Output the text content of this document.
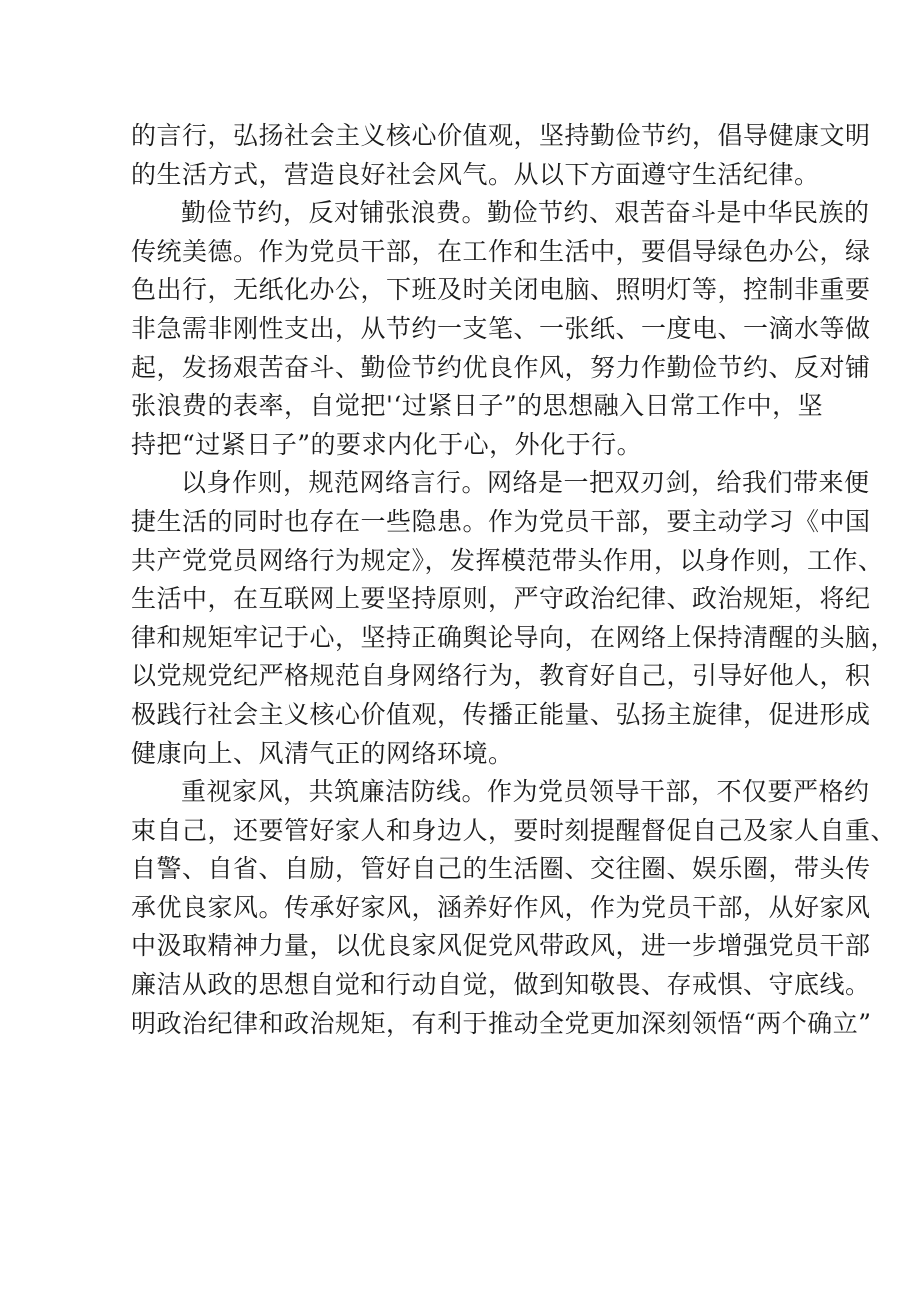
的言行，弘扬社会主义核心价值观，坚持勤俭节约，倡导健康文明
的生活方式，营造良好社会风气。从以下方面遵守生活纪律。
勤俭节约，反对铺张浪费。勤俭节约、艰苦奋斗是中华民族的
传统美德。作为党员干部，在工作和生活中，要倡导绿色办公，绿
色出行，无纸化办公，下班及时关闭电脑、照明灯等，控制非重要
非急需非刚性支出，从节约一支笔、一张纸、一度电、一滴水等做
起，发扬艰苦奋斗、勤俭节约优良作风，努力作勤俭节约、反对铺
张浪费的表率，自觉把'‘过紧日子”的思想融入日常工作中，坚
持把“过紧日子”的要求内化于心，外化于行。
以身作则，规范网络言行。网络是一把双刃剑，给我们带来便
捷生活的同时也存在一些隐患。作为党员干部，要主动学习《中国
共产党党员网络行为规定》，发挥模范带头作用，以身作则，工作、
生活中，在互联网上要坚持原则，严守政治纪律、政治规矩，将纪
律和规矩牢记于心，坚持正确舆论导向，在网络上保持清醒的头脑，
以党规党纪严格规范自身网络行为，教育好自己，引导好他人，积
极践行社会主义核心价值观，传播正能量、弘扬主旋律，促进形成
健康向上、风清气正的网络环境。
重视家风，共筑廉洁防线。作为党员领导干部，不仅要严格约
束自己，还要管好家人和身边人，要时刻提醒督促自己及家人自重、
自警、自省、自励，管好自己的生活圈、交往圈、娱乐圈，带头传
承优良家风。传承好家风，涵养好作风，作为党员干部，从好家风
中汲取精神力量，以优良家风促党风带政风，进一步增强党员干部
廉洁从政的思想自觉和行动自觉，做到知敬畏、存戒惧、守底线。
明政治纪律和政治规矩，有利于推动全党更加深刻领悟“两个确立”
